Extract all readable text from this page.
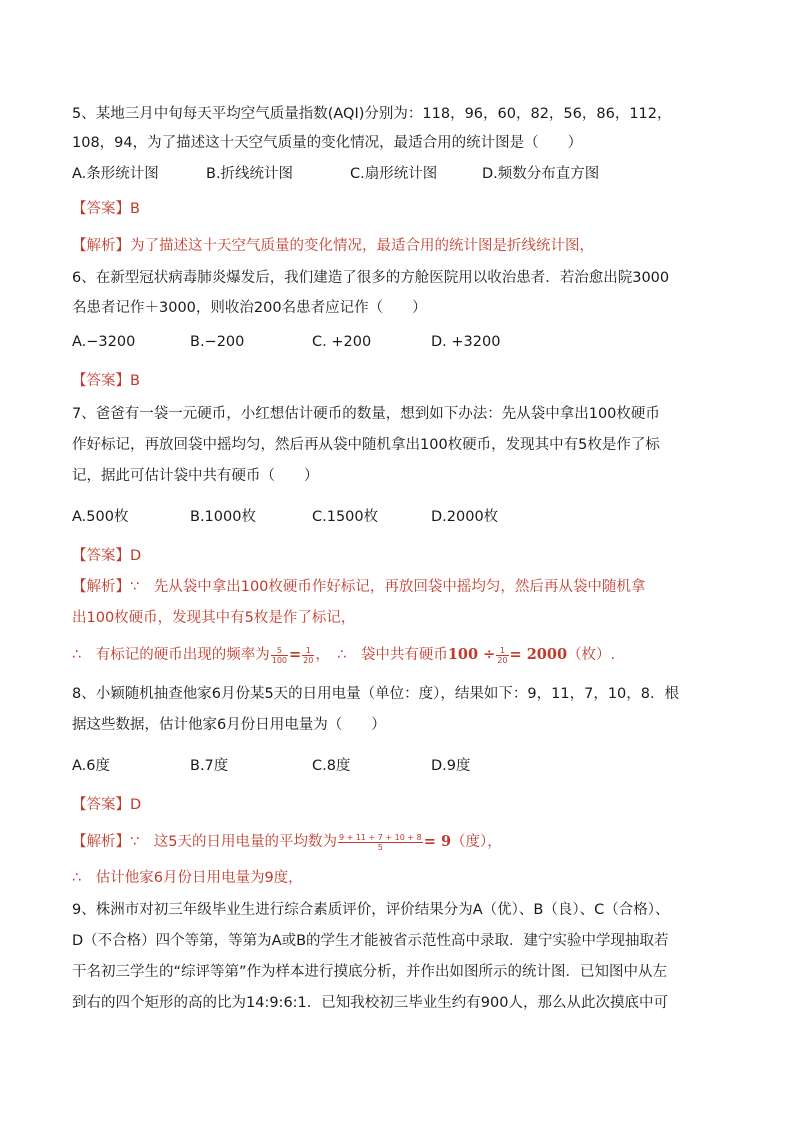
5、某地三月中旬每天平均空气质量指数(AQI)分别为：118，96，60，82，56，86，112，
108，94，为了描述这十天空气质量的变化情况，最适合用的统计图是（　　）
A.条形统计图	B.折线统计图	C.扇形统计图	D.频数分布直方图
【答案】B
【解析】为了描述这十天空气质量的变化情况，最适合用的统计图是折线统计图，
6、在新型冠状病毒肺炎爆发后，我们建造了很多的方舱医院用以收治患者．若治愈出院3000
名患者记作＋3000，则收治200名患者应记作（　　）
A.−3200	B.−200	C. +200	D. +3200
【答案】B
7、爸爸有一袋一元硬币，小红想估计硬币的数量，想到如下办法：先从袋中拿出100枚硬币
作好标记，再放回袋中摇均匀，然后再从袋中随机拿出100枚硬币，发现其中有5枚是作了标
记，据此可估计袋中共有硬币（　　）
A.500枚	B.1000枚	C.1500枚	D.2000枚
【答案】D
【解析】∵　先从袋中拿出100枚硬币作好标记，再放回袋中摇均匀，然后再从袋中随机拿
出100枚硬币，发现其中有5枚是作了标记，
∴　有标记的硬币出现的频率为 $\frac{5}{100} = \frac{1}{20}$ ，　∴　袋中共有硬币$100 \div \frac{1}{20} = 2000$（枚）.
8、小颖随机抽查他家6月份某5天的日用电量（单位：度），结果如下：9，11，7，10，8．根
据这些数据，估计他家6月份日用电量为（　　）
A.6度	B.7度	C.8度	D.9度
【答案】D
【解析】∵　这5天的日用电量的平均数为 $\frac{9 + 11 + 7 + 10 + 8}{5} = 9$（度），
∴　估计他家6月份日用电量为9度，
9、株洲市对初三年级毕业生进行综合素质评价，评价结果分为A（优）、B（良）、C（合格）、
D（不合格）四个等第，等第为A或B的学生才能被省示范性高中录取．建宁实验中学现抽取若
干名初三学生的“综评等第”作为样本进行摸底分析，并作出如图所示的统计图．已知图中从左
到右的四个矩形的高的比为14:9:6:1．已知我校初三毕业生约有900人，那么从此次摸底中可
